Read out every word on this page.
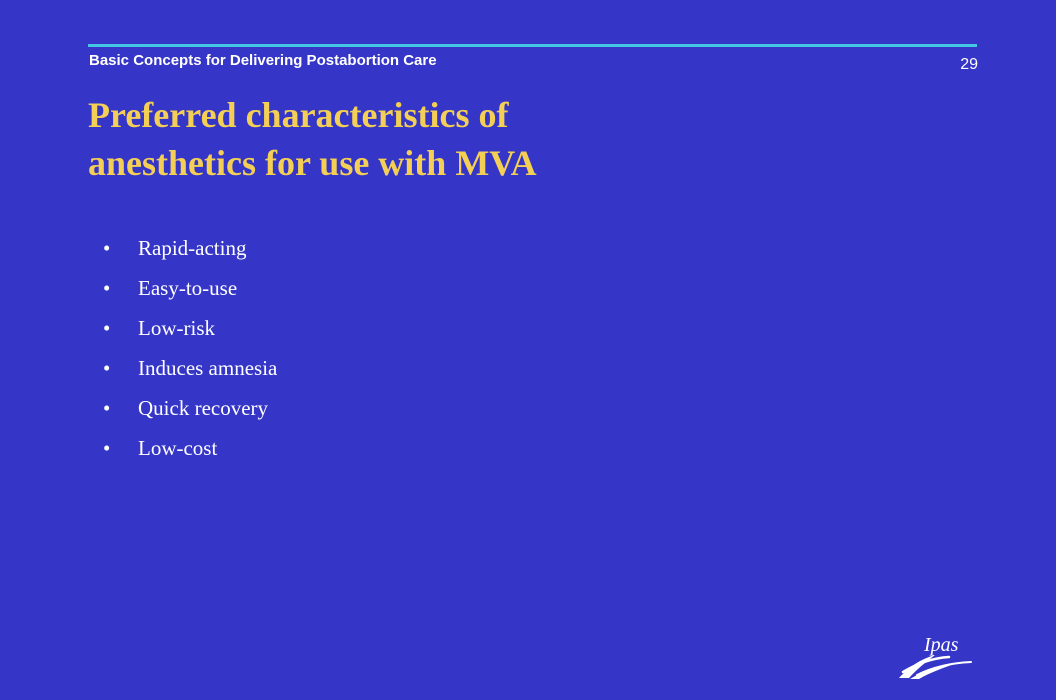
Basic Concepts for Delivering Postabortion Care	29
Preferred characteristics of
anesthetics for use with MVA
• Rapid-acting
• Easy-to-use
• Low-risk
• Induces amnesia
• Quick recovery
• Low-cost
Ipas
